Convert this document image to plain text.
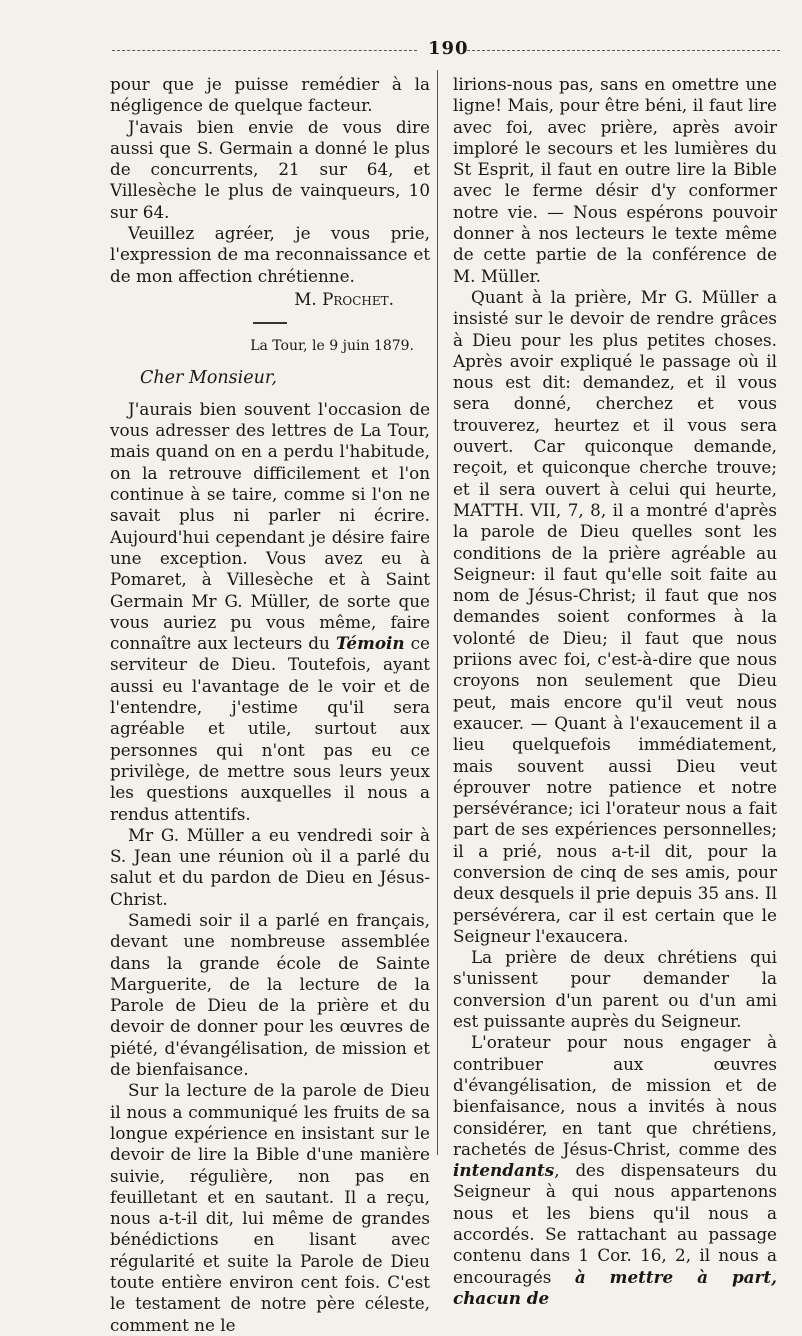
190

pour que je puisse remédier à la négligence de quelque facteur.

J'avais bien envie de vous dire aussi que S. Germain a donné le plus de concurrents, 21 sur 64, et Villesèche le plus de vainqueurs, 10 sur 64.

Veuillez agréer, je vous prie, l'expression de ma reconnaissance et de mon affection chrétienne.

M. Prochet.

La Tour, le 9 juin 1879.

Cher Monsieur,

J'aurais bien souvent l'occasion de vous adresser des lettres de La Tour, mais quand on en a perdu l'habitude, on la retrouve difficilement et l'on continue à se taire, comme si l'on ne savait plus ni parler ni écrire. Aujourd'hui cependant je désire faire une exception. Vous avez eu à Pomaret, à Villesèche et à Saint Germain Mr G. Müller, de sorte que vous auriez pu vous même, faire connaître aux lecteurs du Témoin ce serviteur de Dieu. Toutefois, ayant aussi eu l'avantage de le voir et de l'entendre, j'estime qu'il sera agréable et utile, surtout aux personnes qui n'ont pas eu ce privilège, de mettre sous leurs yeux les questions auxquelles il nous a rendus attentifs.

Mr G. Müller a eu vendredi soir à S. Jean une réunion où il a parlé du salut et du pardon de Dieu en Jésus-Christ.

Samedi soir il a parlé en français, devant une nombreuse assemblée dans la grande école de Sainte Marguerite, de la lecture de la Parole de Dieu de la prière et du devoir de donner pour les œuvres de piété, d'évangélisation, de mission et de bienfaisance.

Sur la lecture de la parole de Dieu il nous a communiqué les fruits de sa longue expérience en insistant sur le devoir de lire la Bible d'une manière suivie, régulière, non pas en feuilletant et en sautant. Il a reçu, nous a-t-il dit, lui même de grandes bénédictions en lisant avec régularité et suite la Parole de Dieu toute entière environ cent fois. C'est le testament de notre père céleste, comment ne le

lirions-nous pas, sans en omettre une ligne! Mais, pour être béni, il faut lire avec foi, avec prière, après avoir imploré le secours et les lumières du St Esprit, il faut en outre lire la Bible avec le ferme désir d'y conformer notre vie. — Nous espérons pouvoir donner à nos lecteurs le texte même de cette partie de la conférence de M. Müller.

Quant à la prière, Mr G. Müller a insisté sur le devoir de rendre grâces à Dieu pour les plus petites choses. Après avoir expliqué le passage où il nous est dit: demandez, et il vous sera donné, cherchez et vous trouverez, heurtez et il vous sera ouvert. Car quiconque demande, reçoit, et quiconque cherche trouve; et il sera ouvert à celui qui heurte, MATTH. VII, 7, 8, il a montré d'après la parole de Dieu quelles sont les conditions de la prière agréable au Seigneur: il faut qu'elle soit faite au nom de Jésus-Christ; il faut que nos demandes soient conformes à la volonté de Dieu; il faut que nous priions avec foi, c'est-à-dire que nous croyons non seulement que Dieu peut, mais encore qu'il veut nous exaucer. — Quant à l'exaucement il a lieu quelquefois immédiatement, mais souvent aussi Dieu veut éprouver notre patience et notre persévérance; ici l'orateur nous a fait part de ses expériences personnelles; il a prié, nous a-t-il dit, pour la conversion de cinq de ses amis, pour deux desquels il prie depuis 35 ans. Il persévérera, car il est certain que le Seigneur l'exaucera.

La prière de deux chrétiens qui s'unissent pour demander la conversion d'un parent ou d'un ami est puissante auprès du Seigneur.

L'orateur pour nous engager à contribuer aux œuvres d'évangélisation, de mission et de bienfaisance, nous a invités à nous considérer, en tant que chrétiens, rachetés de Jésus-Christ, comme des intendants, des dispensateurs du Seigneur à qui nous appartenons nous et les biens qu'il nous a accordés. Se rattachant au passage contenu dans 1 Cor. 16, 2, il nous a encouragés à mettre à part, chacun de
